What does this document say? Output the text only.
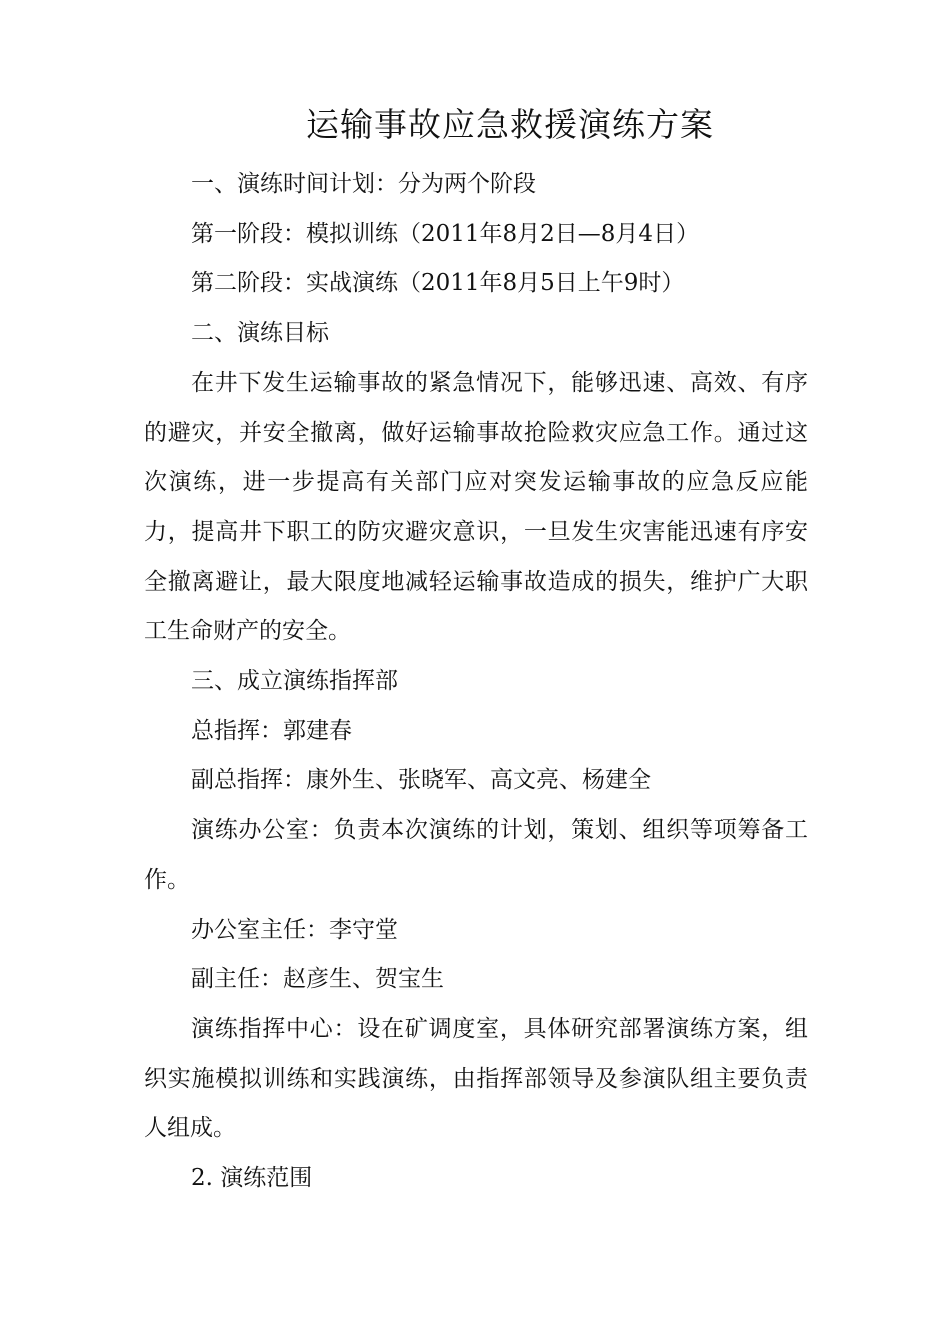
运输事故应急救援演练方案

一、演练时间计划：分为两个阶段

第一阶段：模拟训练（2011年8月2日—8月4日）

第二阶段：实战演练（2011年8月5日上午9时）

二、演练目标

在井下发生运输事故的紧急情况下，能够迅速、高效、有序的避灾，并安全撤离，做好运输事故抢险救灾应急工作。通过这次演练，进一步提高有关部门应对突发运输事故的应急反应能力，提高井下职工的防灾避灾意识，一旦发生灾害能迅速有序安全撤离避让，最大限度地减轻运输事故造成的损失，维护广大职工生命财产的安全。

三、成立演练指挥部

总指挥：郭建春

副总指挥：康外生、张晓军、高文亮、杨建全

演练办公室：负责本次演练的计划，策划、组织等项筹备工作。

办公室主任：李守堂

副主任：赵彦生、贺宝生

演练指挥中心：设在矿调度室，具体研究部署演练方案，组织实施模拟训练和实践演练，由指挥部领导及参演队组主要负责人组成。

2. 演练范围
